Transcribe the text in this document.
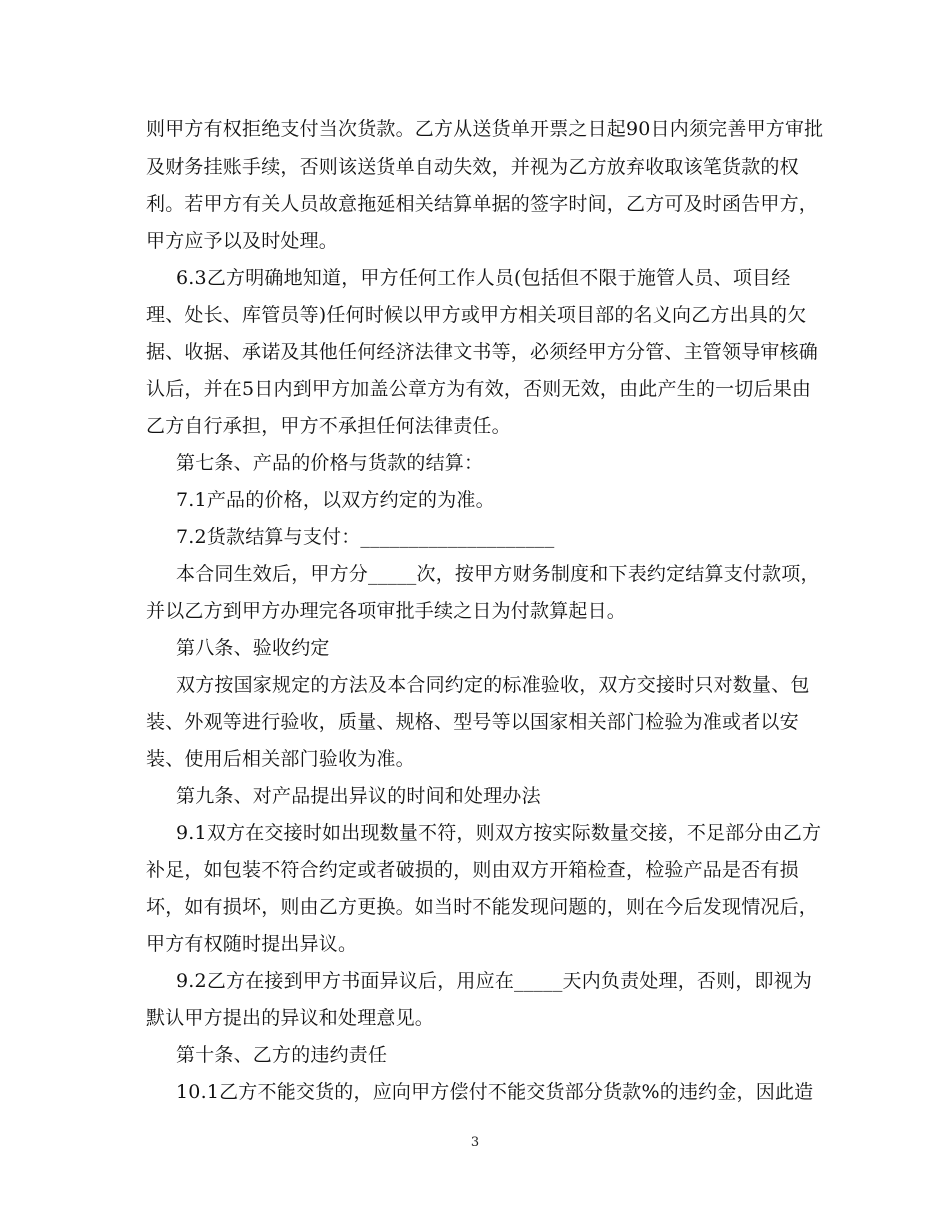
则甲方有权拒绝支付当次货款。乙方从送货单开票之日起90日内须完善甲方审批
及财务挂账手续，否则该送货单自动失效，并视为乙方放弃收取该笔货款的权
利。若甲方有关人员故意拖延相关结算单据的签字时间，乙方可及时函告甲方，
甲方应予以及时处理。
6.3乙方明确地知道，甲方任何工作人员(包括但不限于施管人员、项目经
理、处长、库管员等)任何时候以甲方或甲方相关项目部的名义向乙方出具的欠
据、收据、承诺及其他任何经济法律文书等，必须经甲方分管、主管领导审核确
认后，并在5日内到甲方加盖公章方为有效，否则无效，由此产生的一切后果由
乙方自行承担，甲方不承担任何法律责任。
第七条、产品的价格与货款的结算：
7.1产品的价格，以双方约定的为准。
7.2货款结算与支付：____________________
本合同生效后，甲方分_____次，按甲方财务制度和下表约定结算支付款项，
并以乙方到甲方办理完各项审批手续之日为付款算起日。
第八条、验收约定
双方按国家规定的方法及本合同约定的标准验收，双方交接时只对数量、包
装、外观等进行验收，质量、规格、型号等以国家相关部门检验为准或者以安
装、使用后相关部门验收为准。
第九条、对产品提出异议的时间和处理办法
9.1双方在交接时如出现数量不符，则双方按实际数量交接，不足部分由乙方
补足，如包装不符合约定或者破损的，则由双方开箱检查，检验产品是否有损
坏，如有损坏，则由乙方更换。如当时不能发现问题的，则在今后发现情况后，
甲方有权随时提出异议。
9.2乙方在接到甲方书面异议后，用应在_____天内负责处理，否则，即视为
默认甲方提出的异议和处理意见。
第十条、乙方的违约责任
10.1乙方不能交货的，应向甲方偿付不能交货部分货款%的违约金，因此造
3
